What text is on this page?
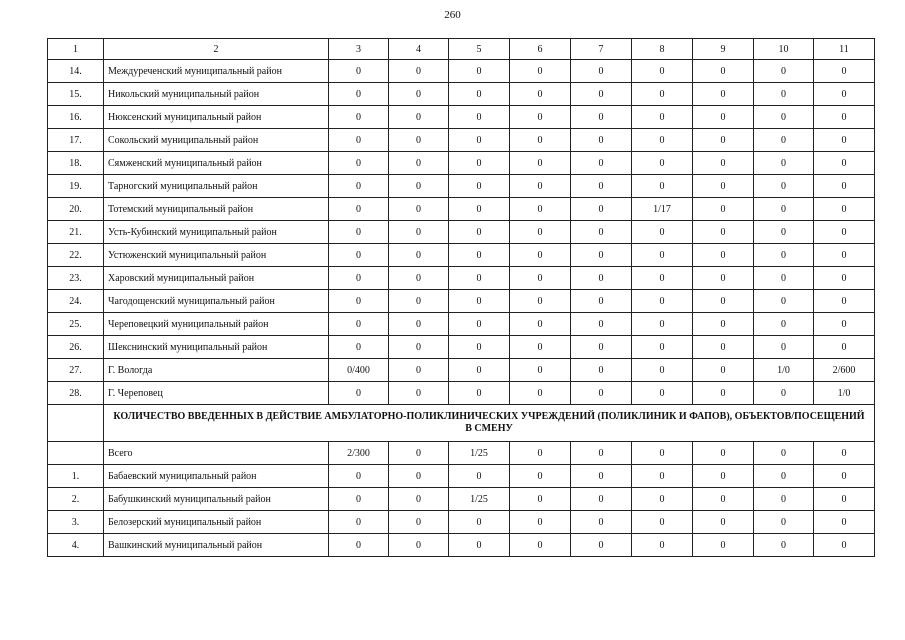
260
1	2	3	4	5	6	7	8	9	10	11
14.	Междуреченский муниципальный район	0	0	0	0	0	0	0	0	0
15.	Никольский муниципальный район	0	0	0	0	0	0	0	0	0
16.	Нюксенский муниципальный район	0	0	0	0	0	0	0	0	0
17.	Сокольский муниципальный район	0	0	0	0	0	0	0	0	0
18.	Сямженский муниципальный район	0	0	0	0	0	0	0	0	0
19.	Тарногский муниципальный район	0	0	0	0	0	0	0	0	0
20.	Тотемский муниципальный район	0	0	0	0	0	1/17	0	0	0
21.	Усть-Кубинский муниципальный район	0	0	0	0	0	0	0	0	0
22.	Устюженский муниципальный район	0	0	0	0	0	0	0	0	0
23.	Харовский муниципальный район	0	0	0	0	0	0	0	0	0
24.	Чагодощенский муниципальный район	0	0	0	0	0	0	0	0	0
25.	Череповецкий муниципальный район	0	0	0	0	0	0	0	0	0
26.	Шекснинский муниципальный район	0	0	0	0	0	0	0	0	0
27.	Г. Вологда	0/400	0	0	0	0	0	0	1/0	2/600
28.	Г. Череповец	0	0	0	0	0	0	0	0	1/0
	КОЛИЧЕСТВО ВВЕДЕННЫХ В ДЕЙСТВИЕ АМБУЛАТОРНО-ПОЛИКЛИНИЧЕСКИХ УЧРЕЖДЕНИЙ (ПОЛИКЛИНИК И ФАПОВ), ОБЪЕКТОВ/ПОСЕЩЕНИЙ В СМЕНУ									
	Всего	2/300	0	1/25	0	0	0	0	0	0
1.	Бабаевский муниципальный район	0	0	0	0	0	0	0	0	0
2.	Бабушкинский муниципальный район	0	0	1/25	0	0	0	0	0	0
3.	Белозерский муниципальный район	0	0	0	0	0	0	0	0	0
4.	Вашкинский муниципальный район	0	0	0	0	0	0	0	0	0
